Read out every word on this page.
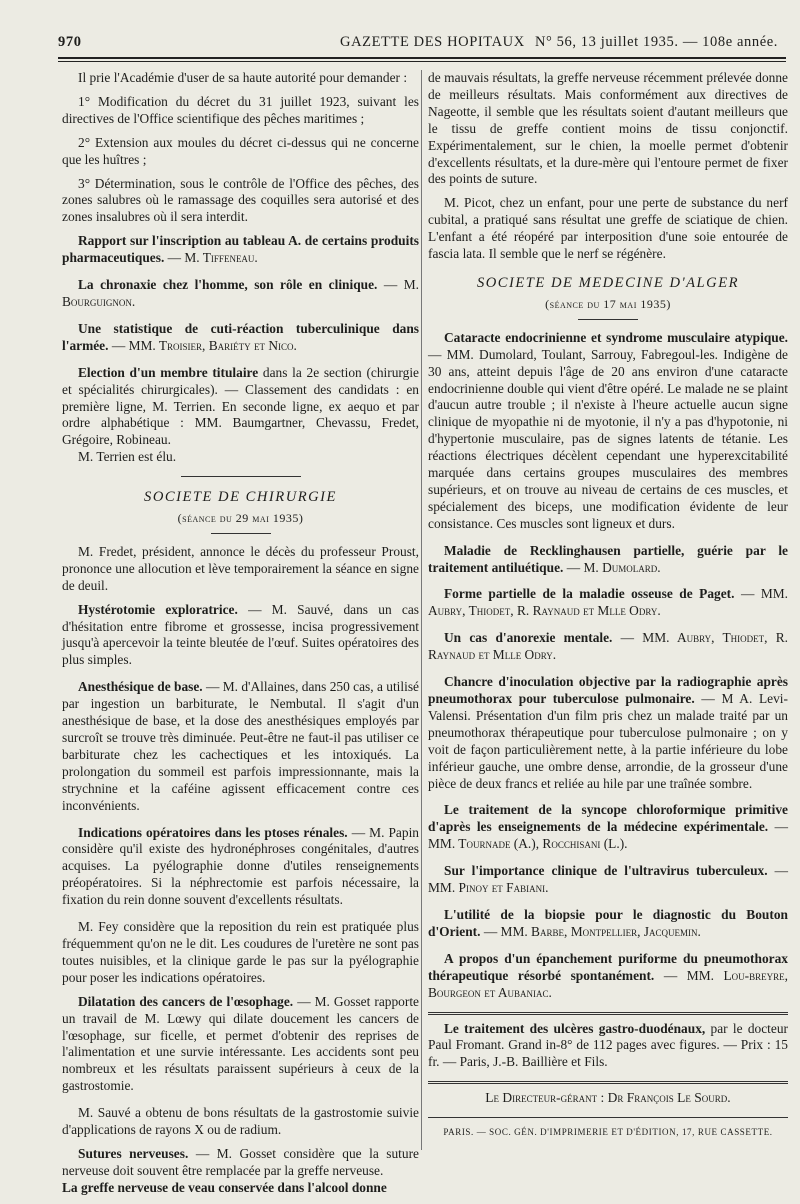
970	GAZETTE DES HOPITAUX N° 56, 13 juillet 1935. — 108e année.

Il prie l'Académie d'user de sa haute autorité pour demander :

1° Modification du décret du 31 juillet 1923, suivant les directives de l'Office scientifique des pêches maritimes ;

2° Extension aux moules du décret ci-dessus qui ne concerne que les huîtres ;

3° Détermination, sous le contrôle de l'Office des pêches, des zones salubres où le ramassage des coquilles sera autorisé et des zones insalubres où il sera interdit.

Rapport sur l'inscription au tableau A. de certains produits pharmaceutiques. — M. Tiffeneau.
La chronaxie chez l'homme, son rôle en clinique. — M. Bourguignon.
Une statistique de cuti-réaction tuberculinique dans l'armée. — MM. Troisier, Bariéty et Nico.

Election d'un membre titulaire dans la 2e section (chirurgie et spécialités chirurgicales). — Classement des candidats : en première ligne, M. Terrien. En seconde ligne, ex aequo et par ordre alphabétique : MM. Baumgartner, Chevassu, Fredet, Grégoire, Robineau.

M. Terrien est élu.

SOCIETE DE CHIRURGIE
(séance du 29 mai 1935)

M. Fredet, président, annonce le décès du professeur Proust, prononce une allocution et lève temporairement la séance en signe de deuil.

Hystérotomie exploratrice. — M. Sauvé, dans un cas d'hésitation entre fibrome et grossesse, incisa progressivement jusqu'à apercevoir la teinte bleutée de l'œuf. Suites opératoires des plus simples.
Anesthésique de base. — M. d'Allaines, dans 250 cas, a utilisé par ingestion un barbiturate, le Nembutal. Il s'agit d'un anesthésique de base, et la dose des anesthésiques employés par surcroît se trouve très diminuée. Peut-être ne faut-il pas utiliser ce barbiturate chez les cachectiques et les intoxiqués. La prolongation du sommeil est parfois impressionnante, mais la strychnine et la caféine agissent efficacement contre ces inconvénients.
Indications opératoires dans les ptoses rénales. — M. Papin considère qu'il existe des hydronéphroses congénitales, d'autres acquises. La pyélographie donne d'utiles renseignements préopératoires. Si la néphrectomie est parfois nécessaire, la fixation du rein donne souvent d'excellents résultats.

M. Fey considère que la reposition du rein est pratiquée plus fréquemment qu'on ne le dit. Les coudures de l'uretère ne sont pas toutes nuisibles, et la clinique garde le pas sur la pyélographie pour poser les indications opératoires.

Dilatation des cancers de l'œsophage. — M. Gosset rapporte un travail de M. Lœwy qui dilate doucement les cancers de l'œsophage, sur ficelle, et permet d'obtenir des reprises de l'alimentation et une survie intéressante. Les accidents sont peu nombreux et les résultats paraissent supérieurs à ceux de la gastrostomie.

M. Sauvé a obtenu de bons résultats de la gastrostomie suivie d'applications de rayons X ou de radium.

Sutures nerveuses. — M. Gosset considère que la suture nerveuse doit souvent être remplacée par la greffe nerveuse.

La greffe nerveuse de veau conservée dans l'alcool donne

de mauvais résultats, la greffe nerveuse récemment prélevée donne de meilleurs résultats. Mais conformément aux directives de Nageotte, il semble que les résultats soient d'autant meilleurs que le tissu de greffe contient moins de tissu conjonctif. Expérimentalement, sur le chien, la moelle permet d'obtenir d'excellents résultats, et la dure-mère qui l'entoure permet de fixer des points de suture.

M. Picot, chez un enfant, pour une perte de substance du nerf cubital, a pratiqué sans résultat une greffe de sciatique de chien. L'enfant a été réopéré par interposition d'une soie entourée de fascia lata. Il semble que le nerf se régénère.

SOCIETE DE MEDECINE D'ALGER
(séance du 17 mai 1935)
Cataracte endocrinienne et syndrome musculaire atypique. — MM. Dumolard, Toulant, Sarrouy, Fabregoul-les. Indigène de 30 ans, atteint depuis l'âge de 20 ans environ d'une cataracte endocrinienne double qui vient d'être opéré. Le malade ne se plaint d'aucun autre trouble ; il n'existe à l'heure actuelle aucun signe clinique de myopathie ni de myotonie, il n'y a pas d'hypotonie, ni d'hypertonie musculaire, pas de signes latents de tétanie. Les réactions électriques décèlent cependant une hyperexcitabilité marquée dans certains groupes musculaires des membres supérieurs, et on trouve au niveau de certains de ces muscles, et spécialement des biceps, une modification évidente de leur consistance. Ces muscles sont ligneux et durs.
Maladie de Recklinghausen partielle, guérie par le traitement antiluétique. — M. Dumolard.
Forme partielle de la maladie osseuse de Paget. — MM. Aubry, Thiodet, R. Raynaud et Mlle Odry.
Un cas d'anorexie mentale. — MM. Aubry, Thiodet, R. Raynaud et Mlle Odry.
Chancre d'inoculation objective par la radiographie après pneumothorax pour tuberculose pulmonaire. — M A. Levi-Valensi. Présentation d'un film pris chez un malade traité par un pneumothorax thérapeutique pour tuberculose pulmonaire ; on y voit de façon particulièrement nette, à la partie inférieure du lobe inférieur gauche, une ombre dense, arrondie, de la grosseur d'une pièce de deux francs et reliée au hile par une traînée sombre.
Le traitement de la syncope chloroformique primitive d'après les enseignements de la médecine expérimentale. — MM. Tournade (A.), Rocchisani (L.).
Sur l'importance clinique de l'ultravirus tuberculeux. — MM. Pinoy et Fabiani.
L'utilité de la biopsie pour le diagnostic du Bouton d'Orient. — MM. Barbe, Montpellier, Jacquemin.
A propos d'un épanchement puriforme du pneumothorax thérapeutique résorbé spontanément. — MM. Lou-breyre, Bourgeon et Aubaniac.
Le traitement des ulcères gastro-duodénaux, par le docteur Paul Fromant. Grand in-8° de 112 pages avec figures. — Prix : 15 fr. — Paris, J.-B. Baillière et Fils.
Le Directeur-gérant : Dr François Le Sourd.
PARIS. — SOC. GÉN. D'IMPRIMERIE ET D'ÉDITION, 17, RUE CASSETTE.
